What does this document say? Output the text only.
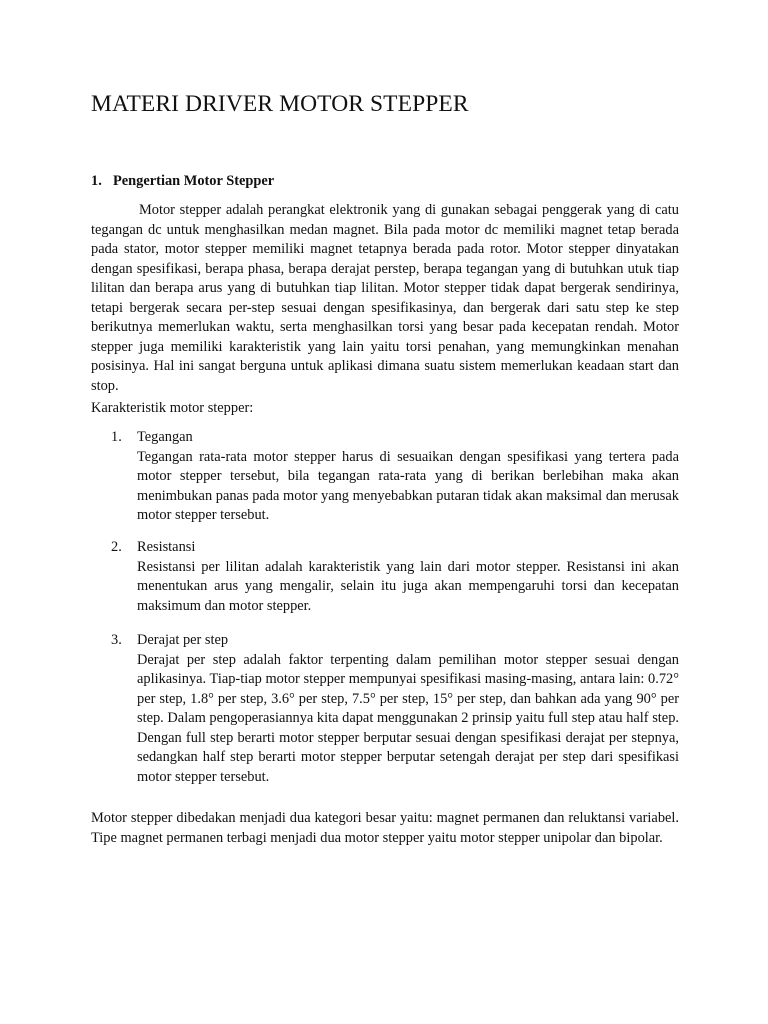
MATERI DRIVER MOTOR STEPPER
1. Pengertian Motor Stepper

Motor stepper adalah perangkat elektronik yang di gunakan sebagai penggerak yang di catu tegangan dc untuk menghasilkan medan magnet. Bila pada motor dc memiliki magnet tetap berada pada stator, motor stepper memiliki magnet tetapnya berada pada rotor. Motor stepper dinyatakan dengan spesifikasi, berapa phasa, berapa derajat perstep, berapa tegangan yang di butuhkan utuk tiap lilitan dan berapa arus yang di butuhkan tiap lilitan. Motor stepper tidak dapat bergerak sendirinya, tetapi bergerak secara per-step sesuai dengan spesifikasinya, dan bergerak dari satu step ke step berikutnya memerlukan waktu, serta menghasilkan torsi yang besar pada kecepatan rendah. Motor stepper juga memiliki karakteristik yang lain yaitu torsi penahan, yang memungkinkan menahan posisinya. Hal ini sangat berguna untuk aplikasi dimana suatu sistem memerlukan keadaan start dan stop.

Karakteristik motor stepper:

1.	Tegangan
Tegangan rata-rata motor stepper harus di sesuaikan dengan spesifikasi yang tertera pada motor stepper tersebut, bila tegangan rata-rata yang di berikan berlebihan maka akan menimbukan panas pada motor yang menyebabkan putaran tidak akan maksimal dan merusak motor stepper tersebut.
2.	Resistansi
Resistansi per lilitan adalah karakteristik yang lain dari motor stepper. Resistansi ini akan menentukan arus yang mengalir, selain itu juga akan mempengaruhi torsi dan kecepatan maksimum dan motor stepper.
3.	Derajat per step
Derajat per step adalah faktor terpenting dalam pemilihan motor stepper sesuai dengan aplikasinya. Tiap-tiap motor stepper mempunyai spesifikasi masing-masing, antara lain: 0.72° per step, 1.8° per step, 3.6° per step, 7.5° per step, 15° per step, dan bahkan ada yang 90° per step. Dalam pengoperasiannya kita dapat menggunakan 2 prinsip yaitu full step atau half step. Dengan full step berarti motor stepper berputar sesuai dengan spesifikasi derajat per stepnya, sedangkan half step berarti motor stepper berputar setengah derajat per step dari spesifikasi motor stepper tersebut.

Motor stepper dibedakan menjadi dua kategori besar yaitu: magnet permanen dan reluktansi variabel. Tipe magnet permanen terbagi menjadi dua motor stepper yaitu motor stepper unipolar dan bipolar.
